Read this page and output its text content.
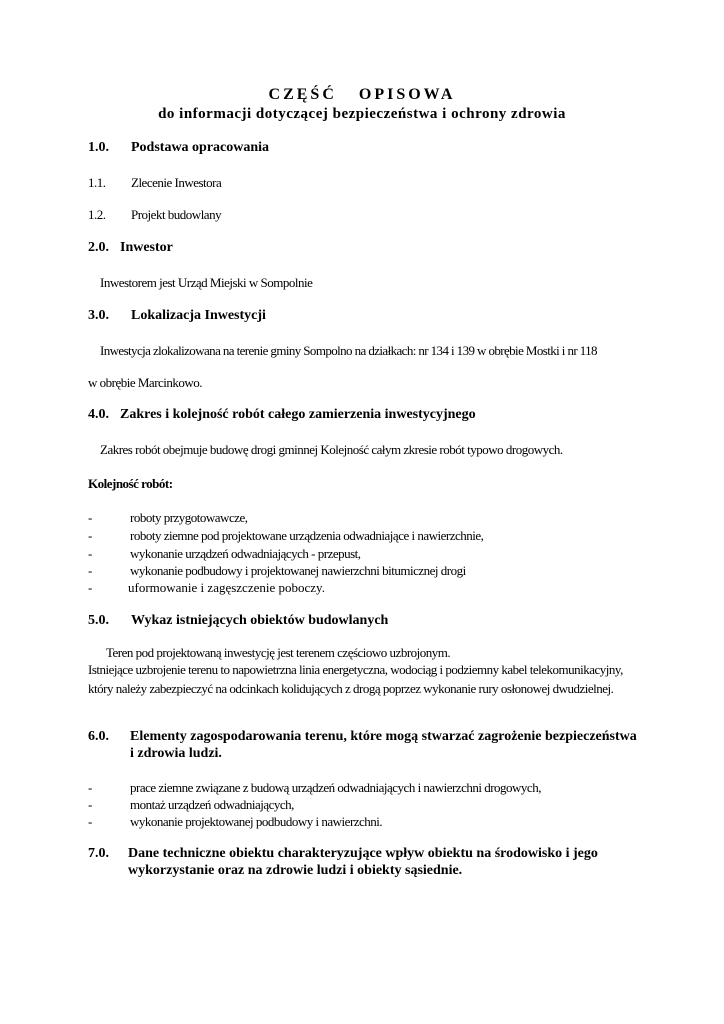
CZĘŚĆ OPISOWA
do informacji dotyczącej bezpieczeństwa i ochrony zdrowia
1.0. Podstawa opracowania
1.1. Zlecenie Inwestora
1.2. Projekt budowlany
2.0. Inwestor
Inwestorem jest Urząd Miejski w Sompolnie
3.0. Lokalizacja Inwestycji
Inwestycja zlokalizowana na terenie gminy Sompolno na działkach: nr 134 i 139 w obrębie Mostki i nr 118
w obrębie Marcinkowo.
4.0. Zakres i kolejność robót całego zamierzenia inwestycyjnego
Zakres robót obejmuje budowę drogi gminnej Kolejność całym zkresie robót typowo drogowych.
Kolejność robót:
-	roboty przygotowawcze,
-	roboty ziemne pod projektowane urządzenia odwadniające i nawierzchnie,
-	wykonanie urządzeń odwadniających - przepust,
-	wykonanie podbudowy i projektowanej nawierzchni bitumicznej drogi
-	uformowanie i zagęszczenie poboczy.
5.0. Wykaz istniejących obiektów budowlanych
Teren pod projektowaną inwestycję jest terenem częściowo uzbrojonym.
Istniejące uzbrojenie terenu to napowietrzna linia energetyczna, wodociąg i podziemny kabel telekomunikacyjny, który należy zabezpieczyć na odcinkach kolidujących z drogą poprzez wykonanie rury osłonowej dwudzielnej.
6.0. Elementy zagospodarowania terenu, które mogą stwarzać zagrożenie bezpieczeństwa
i zdrowia ludzi.
-	prace ziemne związane z budową urządzeń odwadniających i nawierzchni drogowych,
-	montaż urządzeń odwadniających,
-	wykonanie projektowanej podbudowy i nawierzchni.
7.0. Dane techniczne obiektu charakteryzujące wpływ obiektu na środowisko i jego
wykorzystanie oraz na zdrowie ludzi i obiekty sąsiednie.
